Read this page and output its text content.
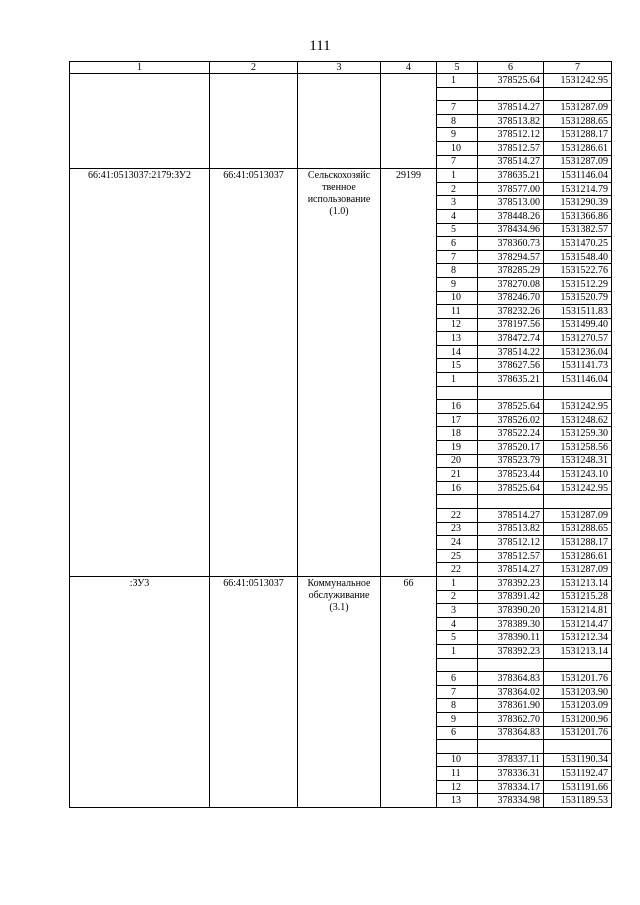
111
1	2	3	4	5	6	7
				1	378525.64	1531242.95

				7	378514.27	1531287.09
				8	378513.82	1531288.65
				9	378512.12	1531288.17
				10	378512.57	1531286.61
				7	378514.27	1531287.09
66:41:0513037:2179:ЗУ2	66:41:0513037	Сельскохозяйс твенное использование (1.0)	29199	1	378635.21	1531146.04
				2	378577.00	1531214.79
				3	378513.00	1531290.39
				4	378448.26	1531366.86
				5	378434.96	1531382.57
				6	378360.73	1531470.25
				7	378294.57	1531548.40
				8	378285.29	1531522.76
				9	378270.08	1531512.29
				10	378246.70	1531520.79
				11	378232.26	1531511.83
				12	378197.56	1531499.40
				13	378472.74	1531270.57
				14	378514.22	1531236.04
				15	378627.56	1531141.73
				1	378635.21	1531146.04

				16	378525.64	1531242.95
				17	378526.02	1531248.62
				18	378522.24	1531259.30
				19	378520.17	1531258.56
				20	378523.79	1531248.31
				21	378523.44	1531243.10
				16	378525.64	1531242.95

				22	378514.27	1531287.09
				23	378513.82	1531288.65
				24	378512.12	1531288.17
				25	378512.57	1531286.61
				22	378514.27	1531287.09
:ЗУ3	66:41:0513037	Коммунальное обслуживание (3.1)	66	1	378392.23	1531213.14
				2	378391.42	1531215.28
				3	378390.20	1531214.81
				4	378389.30	1531214.47
				5	378390.11	1531212.34
				1	378392.23	1531213.14

				6	378364.83	1531201.76
				7	378364.02	1531203.90
				8	378361.90	1531203.09
				9	378362.70	1531200.96
				6	378364.83	1531201.76

				10	378337.11	1531190.34
				11	378336.31	1531192.47
				12	378334.17	1531191.66
				13	378334.98	1531189.53
